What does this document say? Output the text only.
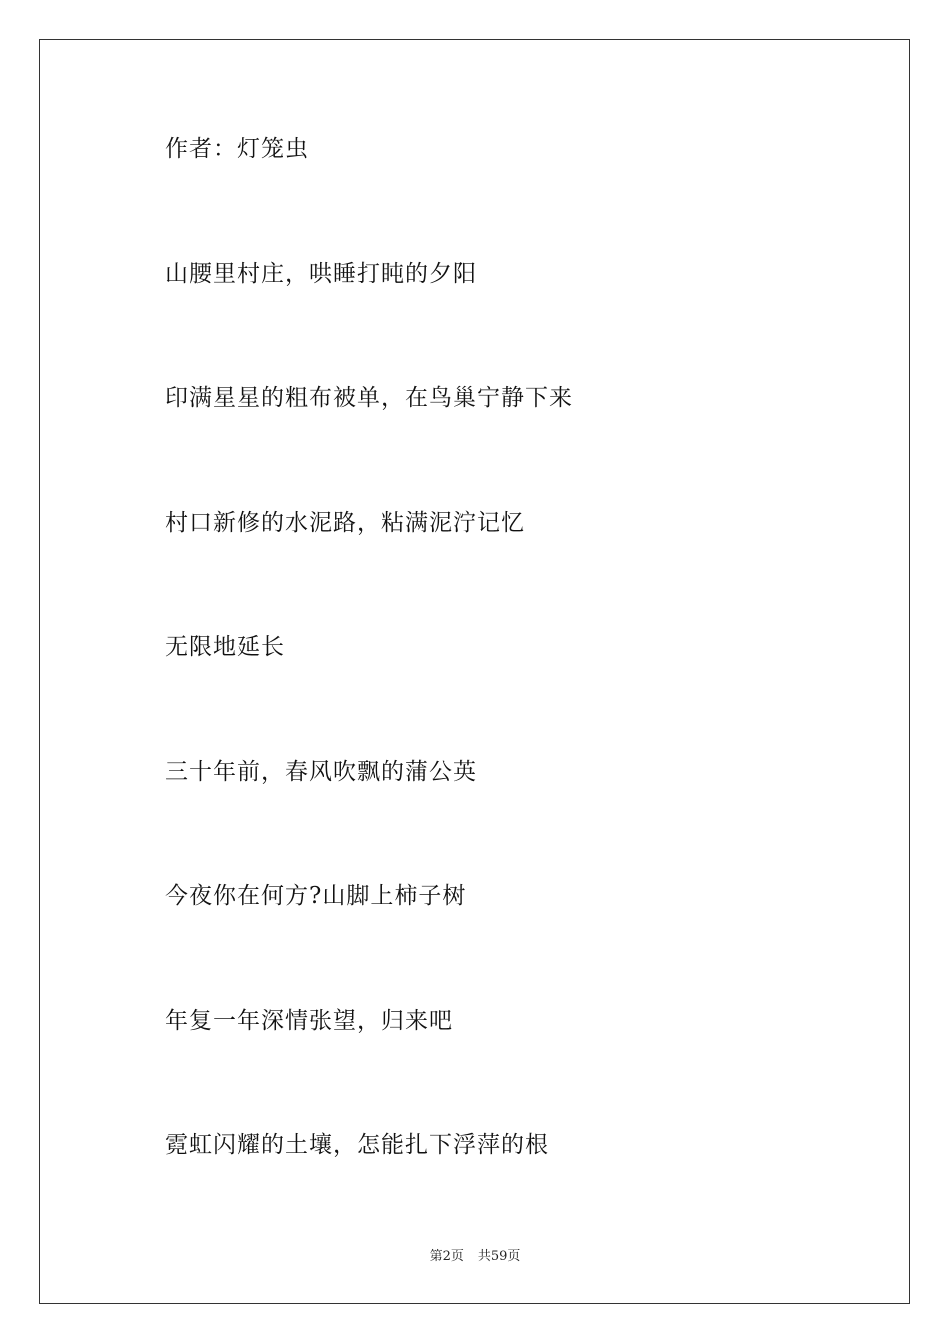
作者：灯笼虫
山腰里村庄，哄睡打盹的夕阳
印满星星的粗布被单，在鸟巢宁静下来
村口新修的水泥路，粘满泥泞记忆
无限地延长
三十年前，春风吹飘的蒲公英
今夜你在何方?山脚上柿子树
年复一年深情张望，归来吧
霓虹闪耀的土壤，怎能扎下浮萍的根
第2页 共59页
